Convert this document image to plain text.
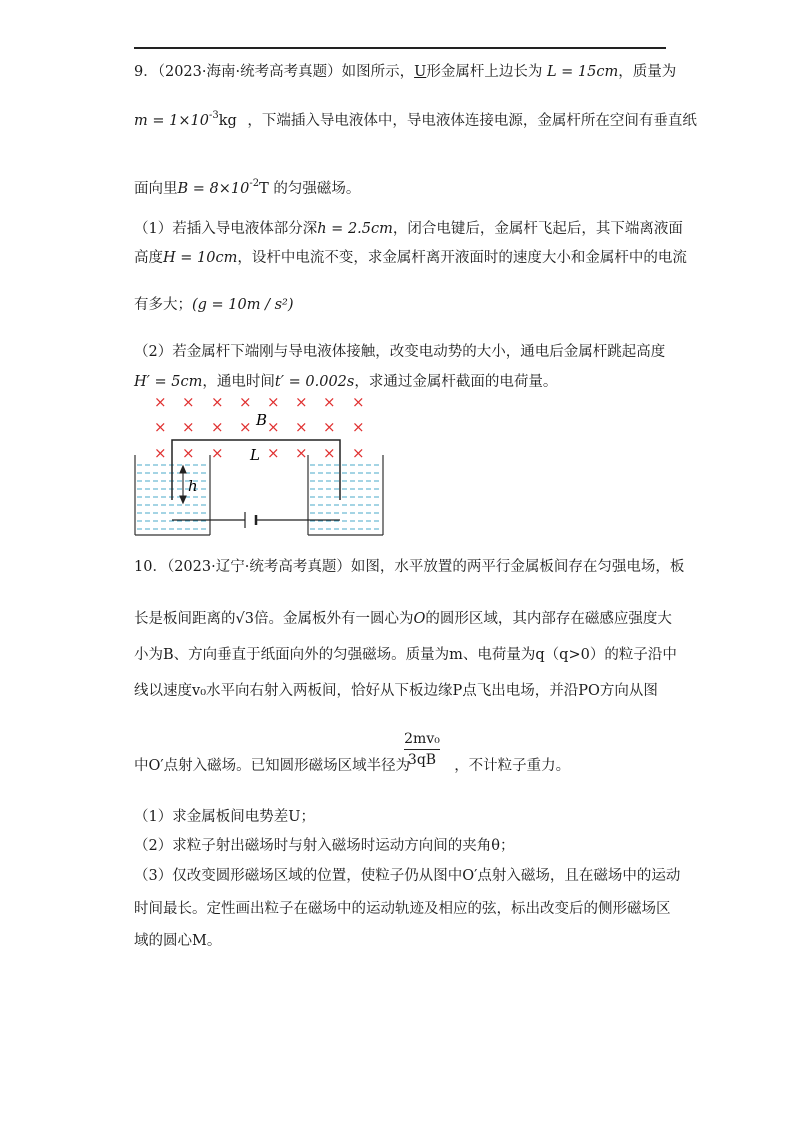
9．（2023·海南·统考高考真题）如图所示，U形金属杆上边长为 L = 15cm，质量为
$m = 1\times 10^{-3}kg$ ，下端插入导电液体中，导电液体连接电源，金属杆所在空间有垂直纸
面向里$B = 8\times 10^{-2}T$ 的匀强磁场。
（1）若插入导电液体部分深h = 2.5cm，闭合电键后，金属杆飞起后，其下端离液面
高度H = 10cm，设杆中电流不变，求金属杆离开液面时的速度大小和金属杆中的电流
有多大；(g = 10m / s²)
（2）若金属杆下端刚与导电液体接触，改变电动势的大小，通电后金属杆跳起高度
H′ = 5cm，通电时间t′ = 0.002s，求通过金属杆截面的电荷量。
× × × × × × × ×
× × × × × × × ×
× × ×	× × × ×
h
B
L
10．（2023·辽宁·统考高考真题）如图，水平放置的两平行金属板间存在匀强电场，板
长是板间距离的√3倍。金属板外有一圆心为O的圆形区域，其内部存在磁感应强度大
小为B、方向垂直于纸面向外的匀强磁场。质量为m、电荷量为q（q>0）的粒子沿中
线以速度v₀水平向右射入两板间，恰好从下板边缘P点飞出电场，并沿PO方向从图
2mv₀
3qB
中O′点射入磁场。已知圆形磁场区域半径为	，不计粒子重力。
（1）求金属板间电势差U；
（2）求粒子射出磁场时与射入磁场时运动方向间的夹角θ；
（3）仅改变圆形磁场区域的位置，使粒子仍从图中O′点射入磁场，且在磁场中的运动
时间最长。定性画出粒子在磁场中的运动轨迹及相应的弦，标出改变后的侧形磁场区
域的圆心M。
